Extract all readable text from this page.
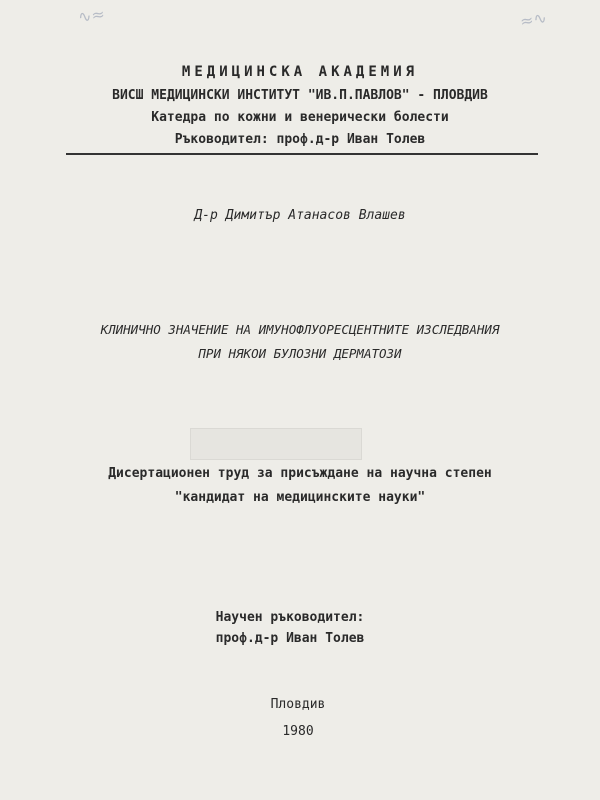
∿≈	≈∿
МЕДИЦИНСКА АКАДЕМИЯ
ВИСШ МЕДИЦИНСКИ ИНСТИТУТ "ИВ.П.ПАВЛОВ" - ПЛОВДИВ
Катедра по кожни и венерически болести
Ръководител: проф.д-р Иван Толев
Д-р Димитър Атанасов Влашев
КЛИНИЧНО ЗНАЧЕНИЕ НА ИМУНОФЛУОРЕСЦЕНТНИТЕ ИЗСЛЕДВАНИЯ
ПРИ НЯКОИ БУЛОЗНИ ДЕРМАТОЗИ
Дисертационен труд за присъждане на научна степен
"кандидат на медицинските науки"
Научен ръководител:
проф.д-р Иван Толев
Пловдив
1980
